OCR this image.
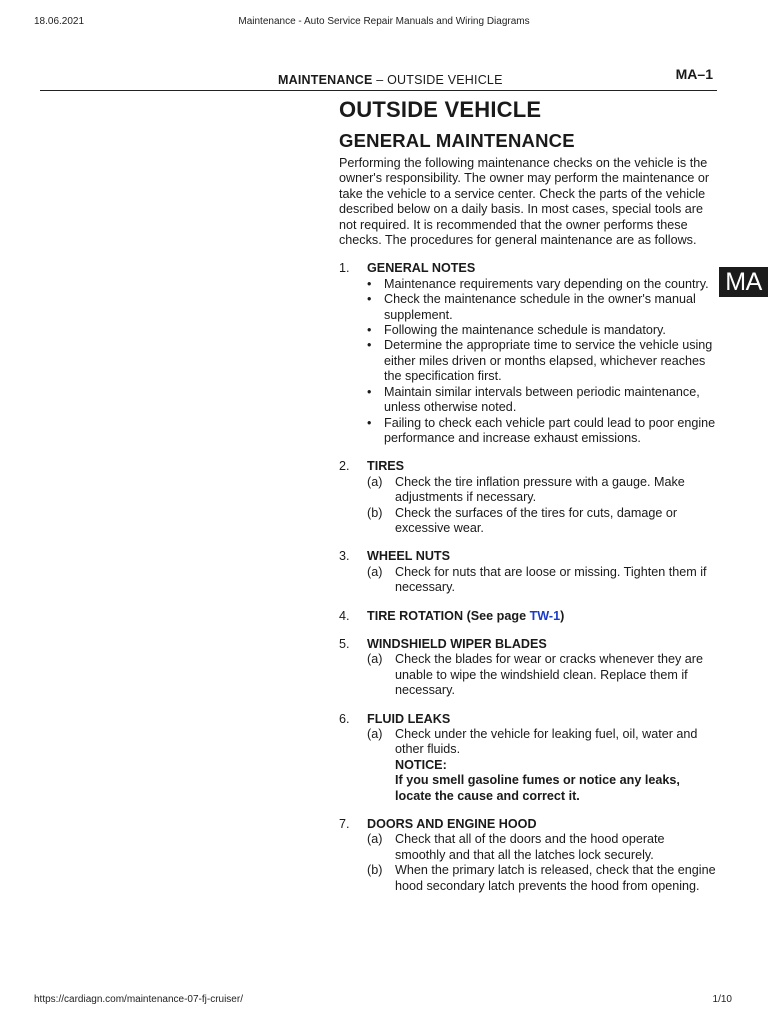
18.06.2021	Maintenance - Auto Service Repair Manuals and Wiring Diagrams
MAINTENANCE – OUTSIDE VEHICLE	MA–1
MA
OUTSIDE VEHICLE
GENERAL MAINTENANCE

Performing the following maintenance checks on the vehicle is the owner's responsibility. The owner may perform the maintenance or take the vehicle to a service center. Check the parts of the vehicle described below on a daily basis. In most cases, special tools are not required. It is recommended that the owner performs these checks. The procedures for general maintenance are as follows.

1.	GENERAL NOTES
• Maintenance requirements vary depending on the country.
• Check the maintenance schedule in the owner's manual supplement.
• Following the maintenance schedule is mandatory.
• Determine the appropriate time to service the vehicle using either miles driven or months elapsed, whichever reaches the specification first.
• Maintain similar intervals between periodic maintenance, unless otherwise noted.
• Failing to check each vehicle part could lead to poor engine performance and increase exhaust emissions.
2.	TIRES
(a) Check the tire inflation pressure with a gauge. Make adjustments if necessary.
(b) Check the surfaces of the tires for cuts, damage or excessive wear.
3.	WHEEL NUTS
(a) Check for nuts that are loose or missing. Tighten them if necessary.
4.	TIRE ROTATION (See page TW-1)
5.	WINDSHIELD WIPER BLADES
(a) Check the blades for wear or cracks whenever they are unable to wipe the windshield clean. Replace them if necessary.
6.	FLUID LEAKS
(a) Check under the vehicle for leaking fuel, oil, water and other fluids.
NOTICE:
If you smell gasoline fumes or notice any leaks, locate the cause and correct it.
7.	DOORS AND ENGINE HOOD
(a) Check that all of the doors and the hood operate smoothly and that all the latches lock securely.
(b) When the primary latch is released, check that the engine hood secondary latch prevents the hood from opening.
https://cardiagn.com/maintenance-07-fj-cruiser/	1/10
